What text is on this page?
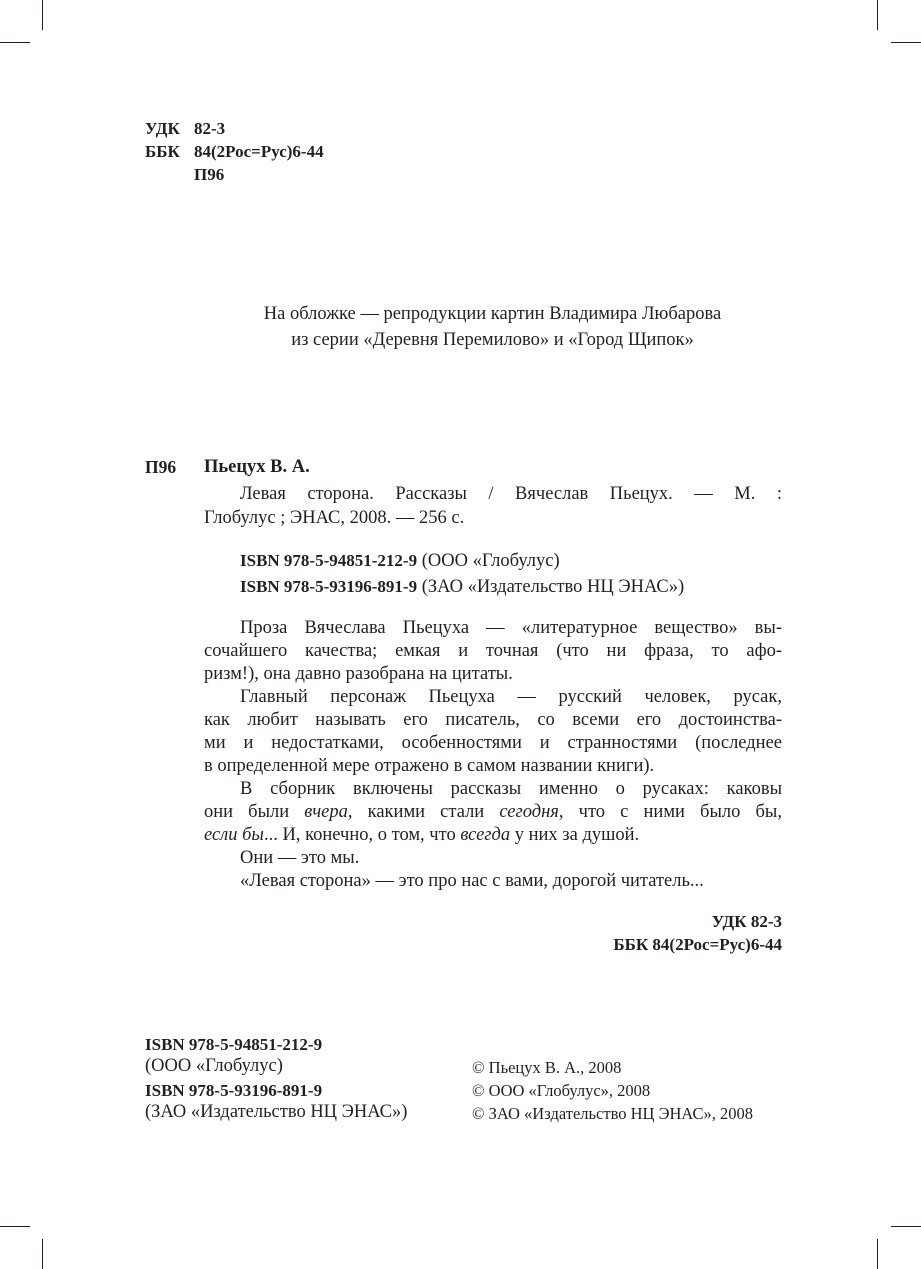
УДК 82-3
ББК 84(2Рос=Рус)6-44
П96
На обложке — репродукции картин Владимира Любарова
из серии «Деревня Перемилово» и «Город Щипок»
П96 Пьецух В. А.
Левая сторона. Рассказы / Вячеслав Пьецух. — М. :
Глобулус ; ЭНАС, 2008. — 256 с.
ISBN 978-5-94851-212-9 (ООО «Глобулус)
ISBN 978-5-93196-891-9 (ЗАО «Издательство НЦ ЭНАС»)
Проза Вячеслава Пьецуха — «литературное вещество» вы-
сочайшего качества; емкая и точная (что ни фраза, то афо-
ризм!), она давно разобрана на цитаты.
Главный персонаж Пьецуха — русский человек, русак,
как любит называть его писатель, со всеми его достоинства-
ми и недостатками, особенностями и странностями (последнее
в определенной мере отражено в самом названии книги).
В сборник включены рассказы именно о русаках: каковы
они были вчера, какими стали сегодня, что с ними было бы,
если бы... И, конечно, о том, что всегда у них за душой.
Они — это мы.
«Левая сторона» — это про нас с вами, дорогой читатель...
УДК 82-3
ББК 84(2Рос=Рус)6-44
ISBN 978-5-94851-212-9
(ООО «Глобулус)
ISBN 978-5-93196-891-9
(ЗАО «Издательство НЦ ЭНАС»)
© Пьецух В. А., 2008
© ООО «Глобулус», 2008
© ЗАО «Издательство НЦ ЭНАС», 2008
